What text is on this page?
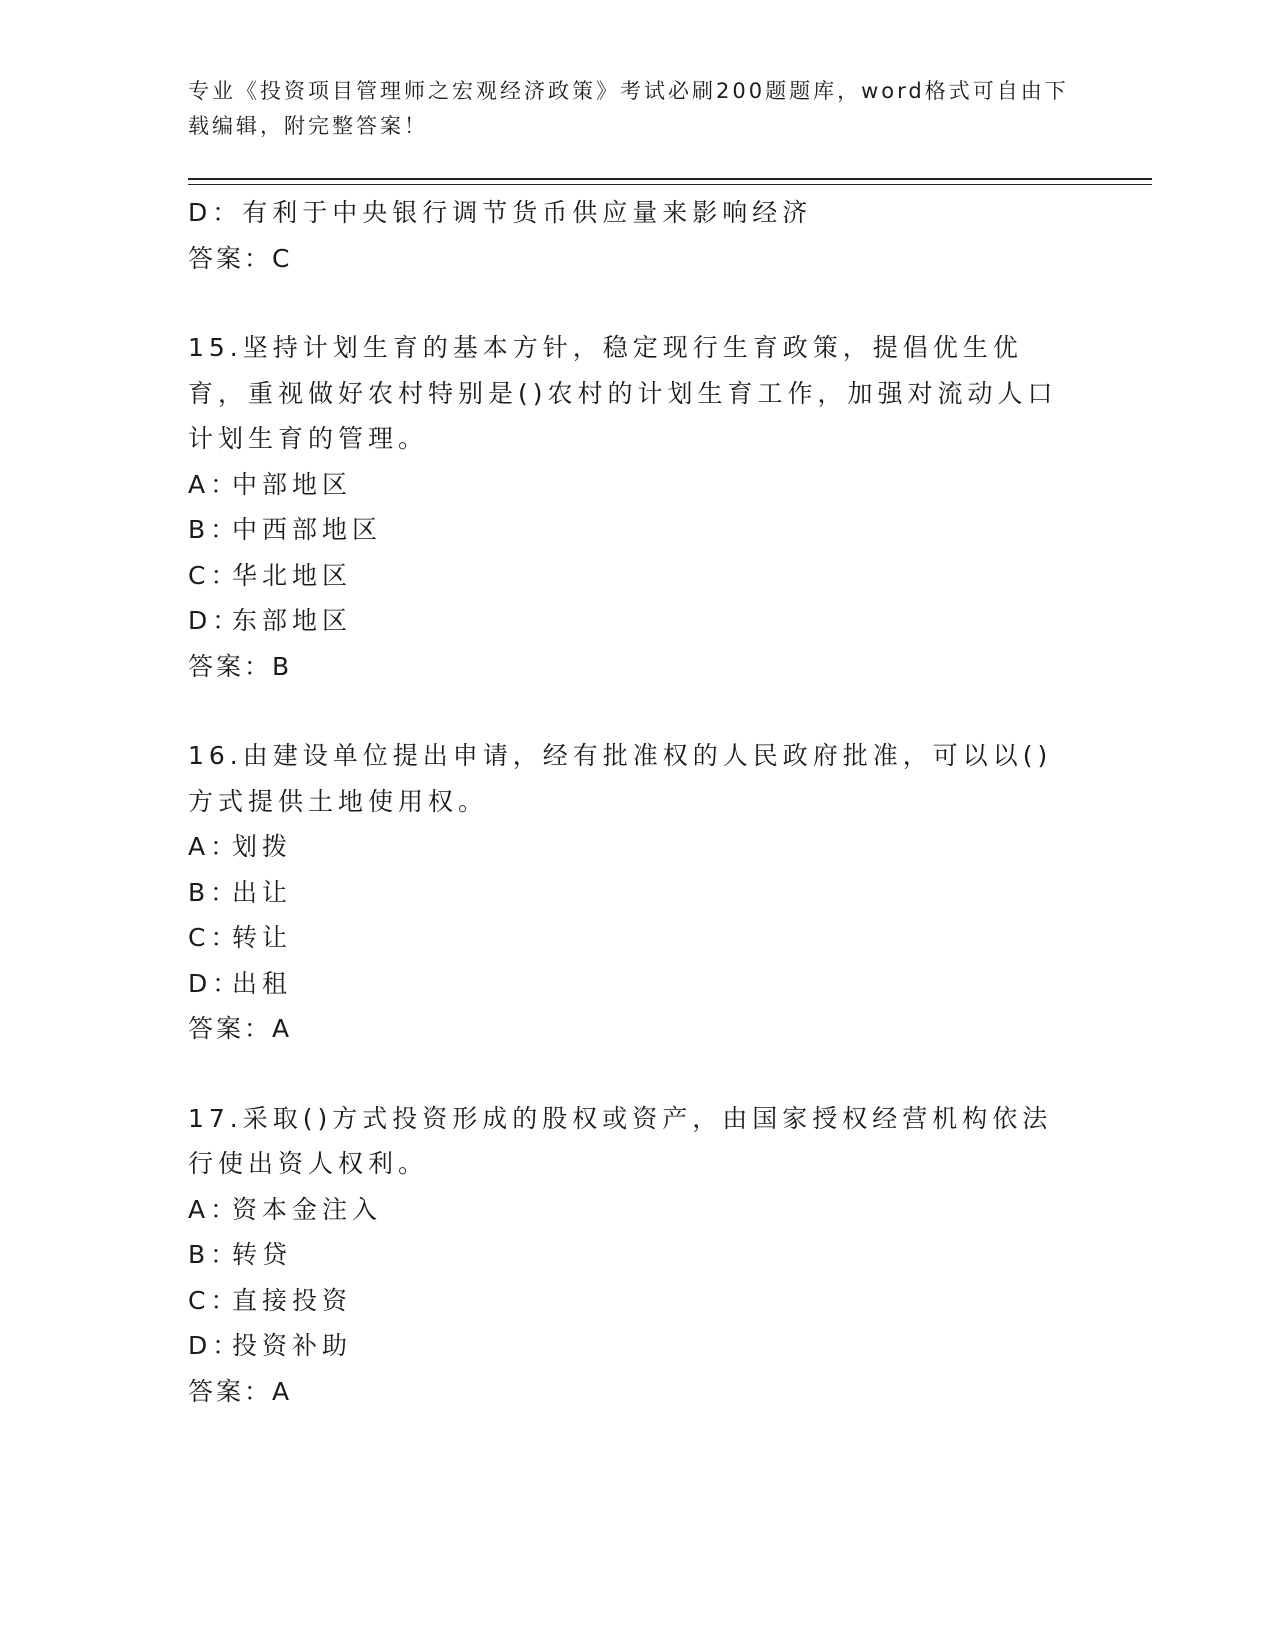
专业《投资项目管理师之宏观经济政策》考试必刷200题题库，word格式可自由下载编辑，附完整答案！
D：有利于中央银行调节货币供应量来影响经济
答案：C
15.坚持计划生育的基本方针，稳定现行生育政策，提倡优生优育，重视做好农村特别是()农村的计划生育工作，加强对流动人口计划生育的管理。
A：中部地区
B：中西部地区
C：华北地区
D：东部地区
答案：B
16.由建设单位提出申请，经有批准权的人民政府批准，可以以()方式提供土地使用权。
A：划拨
B：出让
C：转让
D：出租
答案：A
17.采取()方式投资形成的股权或资产，由国家授权经营机构依法行使出资人权利。
A：资本金注入
B：转贷
C：直接投资
D：投资补助
答案：A
